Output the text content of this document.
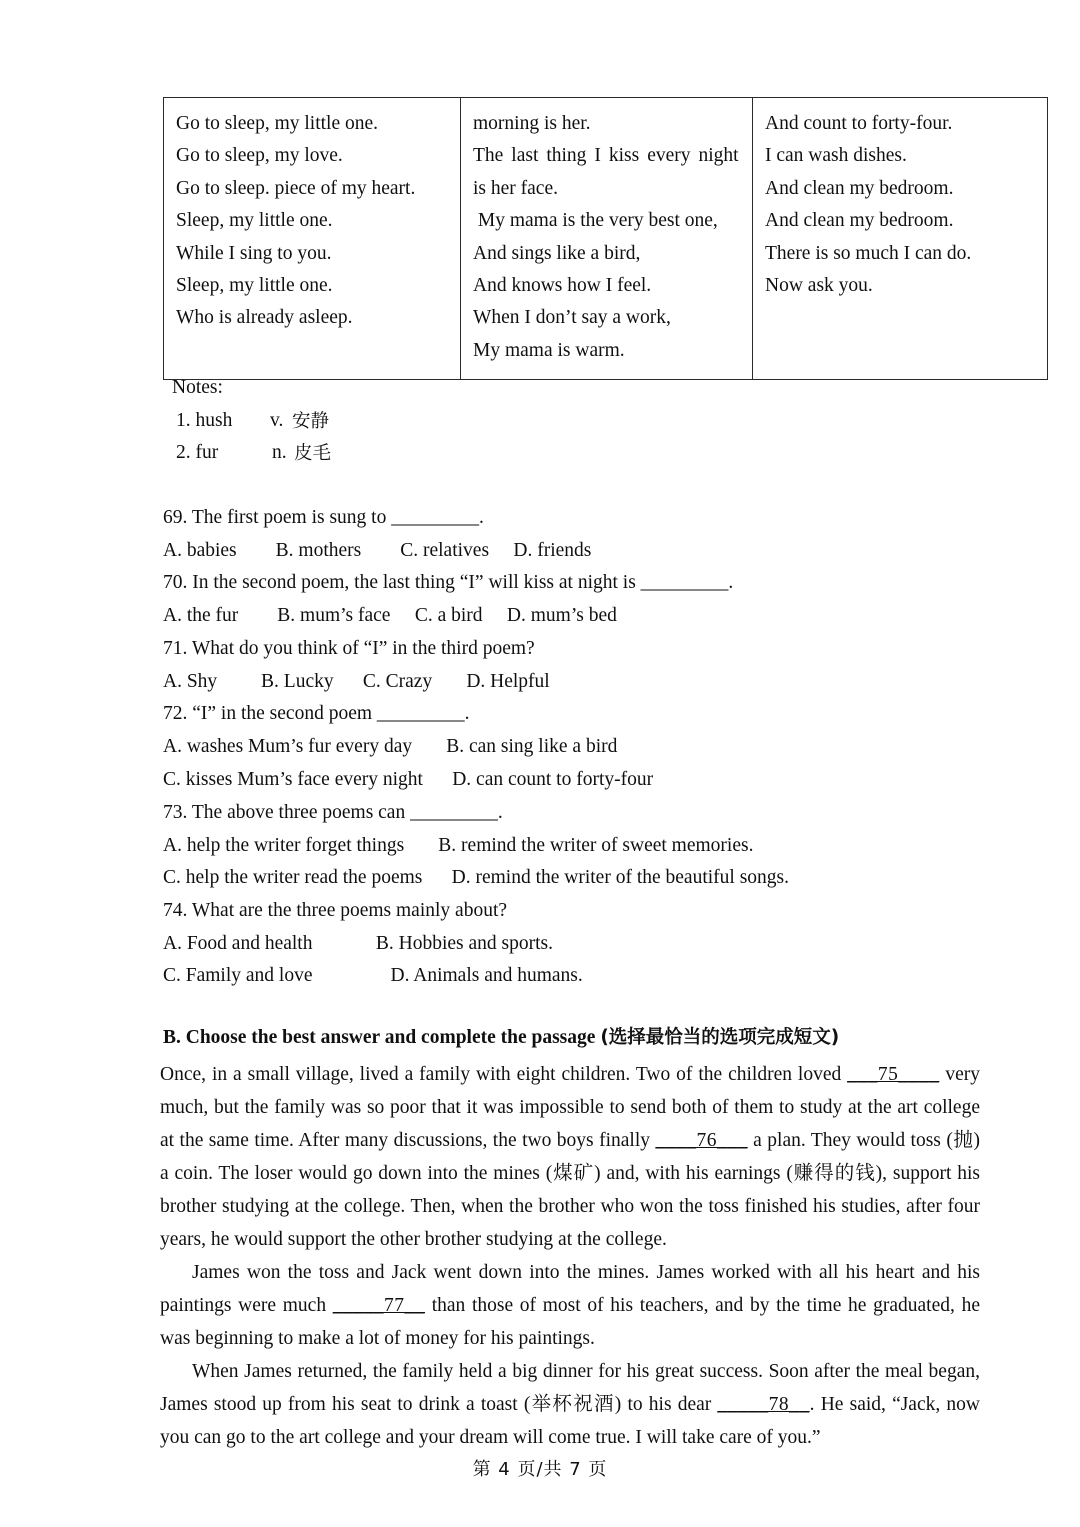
Go to sleep, my little one.
Go to sleep, my love.
Go to sleep. piece of my heart.
Sleep, my little one.
While I sing to you.
Sleep, my little one.
Who is already asleep.

morning is her.
The last thing I kiss every night
is her face.
My mama is the very best one,
And sings like a bird,
And knows how I feel.
When I don’t say a work,
My mama is warm.

And count to forty-four.
I can wash dishes.
And clean my bedroom.
And clean my bedroom.
There is so much I can do.
Now ask you.
Notes:
1. hush v. 安静
2. fur	n. 皮毛
69. The first poem is sung to _________.
A. babies        B. mothers        C. relatives     D. friends
70. In the second poem, the last thing “I” will kiss at night is _________.
A. the fur        B. mum’s face     C. a bird     D. mum’s bed
71. What do you think of “I” in the third poem?
A. Shy         B. Lucky      C. Crazy       D. Helpful
72. “I” in the second poem _________.
A. washes Mum’s fur every day       B. can sing like a bird
C. kisses Mum’s face every night      D. can count to forty-four
73. The above three poems can _________.
A. help the writer forget things       B. remind the writer of sweet memories.
C. help the writer read the poems      D. remind the writer of the beautiful songs.
74. What are the three poems mainly about?
A. Food and health             B. Hobbies and sports.
C. Family and love                D. Animals and humans.
B. Choose the best answer and complete the passage (选择最恰当的选项完成短文)

Once, in a small village, lived a family with eight children. Two of the children loved ___75____ very much, but the family was so poor that it was impossible to send both of them to study at the art college at the same time. After many discussions, the two boys finally ____76___ a plan. They would toss (抛) a coin. The loser would go down into the mines (煤矿) and, with his earnings (赚得的钱), support his brother studying at the college. Then, when the brother who won the toss finished his studies, after four years, he would support the other brother studying at the college.

James won the toss and Jack went down into the mines. James worked with all his heart and his paintings were much _____77__ than those of most of his teachers, and by the time he graduated, he was beginning to make a lot of money for his paintings.

When James returned, the family held a big dinner for his great success. Soon after the meal began, James stood up from his seat to drink a toast (举杯祝酒) to his dear _____78__. He said, “Jack, now you can go to the art college and your dream will come true. I will take care of you.”

第 4 页/共 7 页
